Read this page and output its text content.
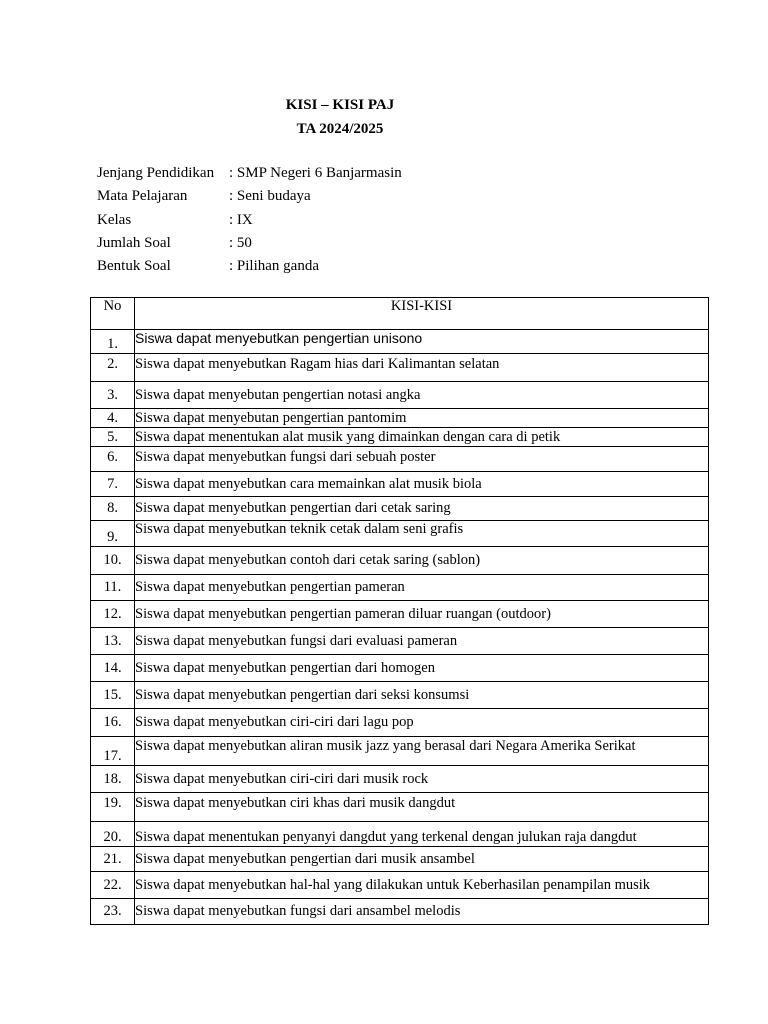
KISI – KISI PAJ
TA 2024/2025
Jenjang Pendidikan : SMP Negeri 6 Banjarmasin
Mata Pelajaran	: Seni budaya
Kelas	: IX
Jumlah Soal	: 50
Bentuk Soal	: Pilihan ganda
No	KISI-KISI
1.	Siswa dapat menyebutkan pengertian unisono
2.	Siswa dapat menyebutkan Ragam hias dari Kalimantan selatan
3.	Siswa dapat menyebutan pengertian notasi angka
4.	Siswa dapat menyebutan pengertian pantomim
5.	Siswa dapat menentukan alat musik yang dimainkan dengan cara di petik
6.	Siswa dapat menyebutkan fungsi dari sebuah poster
7.	Siswa dapat menyebutkan cara memainkan alat musik biola
8.	Siswa dapat menyebutkan pengertian dari cetak saring
9.	Siswa dapat menyebutkan teknik cetak dalam seni grafis
10.	Siswa dapat menyebutkan contoh dari cetak saring (sablon)
11.	Siswa dapat menyebutkan pengertian pameran
12.	Siswa dapat menyebutkan pengertian pameran diluar ruangan (outdoor)
13.	Siswa dapat menyebutkan fungsi dari evaluasi pameran
14.	Siswa dapat menyebutkan pengertian dari homogen
15.	Siswa dapat menyebutkan pengertian dari seksi konsumsi
16.	Siswa dapat menyebutkan ciri-ciri dari lagu pop
17.	Siswa dapat menyebutkan aliran musik jazz yang berasal dari Negara Amerika Serikat
18.	Siswa dapat menyebutkan ciri-ciri dari musik rock
19.	Siswa dapat menyebutkan ciri khas dari musik dangdut
20.	Siswa dapat menentukan penyanyi dangdut yang terkenal dengan julukan raja dangdut
21.	Siswa dapat menyebutkan pengertian dari musik ansambel
22.	Siswa dapat menyebutkan hal-hal yang dilakukan untuk Keberhasilan penampilan musik
23.	Siswa dapat menyebutkan fungsi dari ansambel melodis
